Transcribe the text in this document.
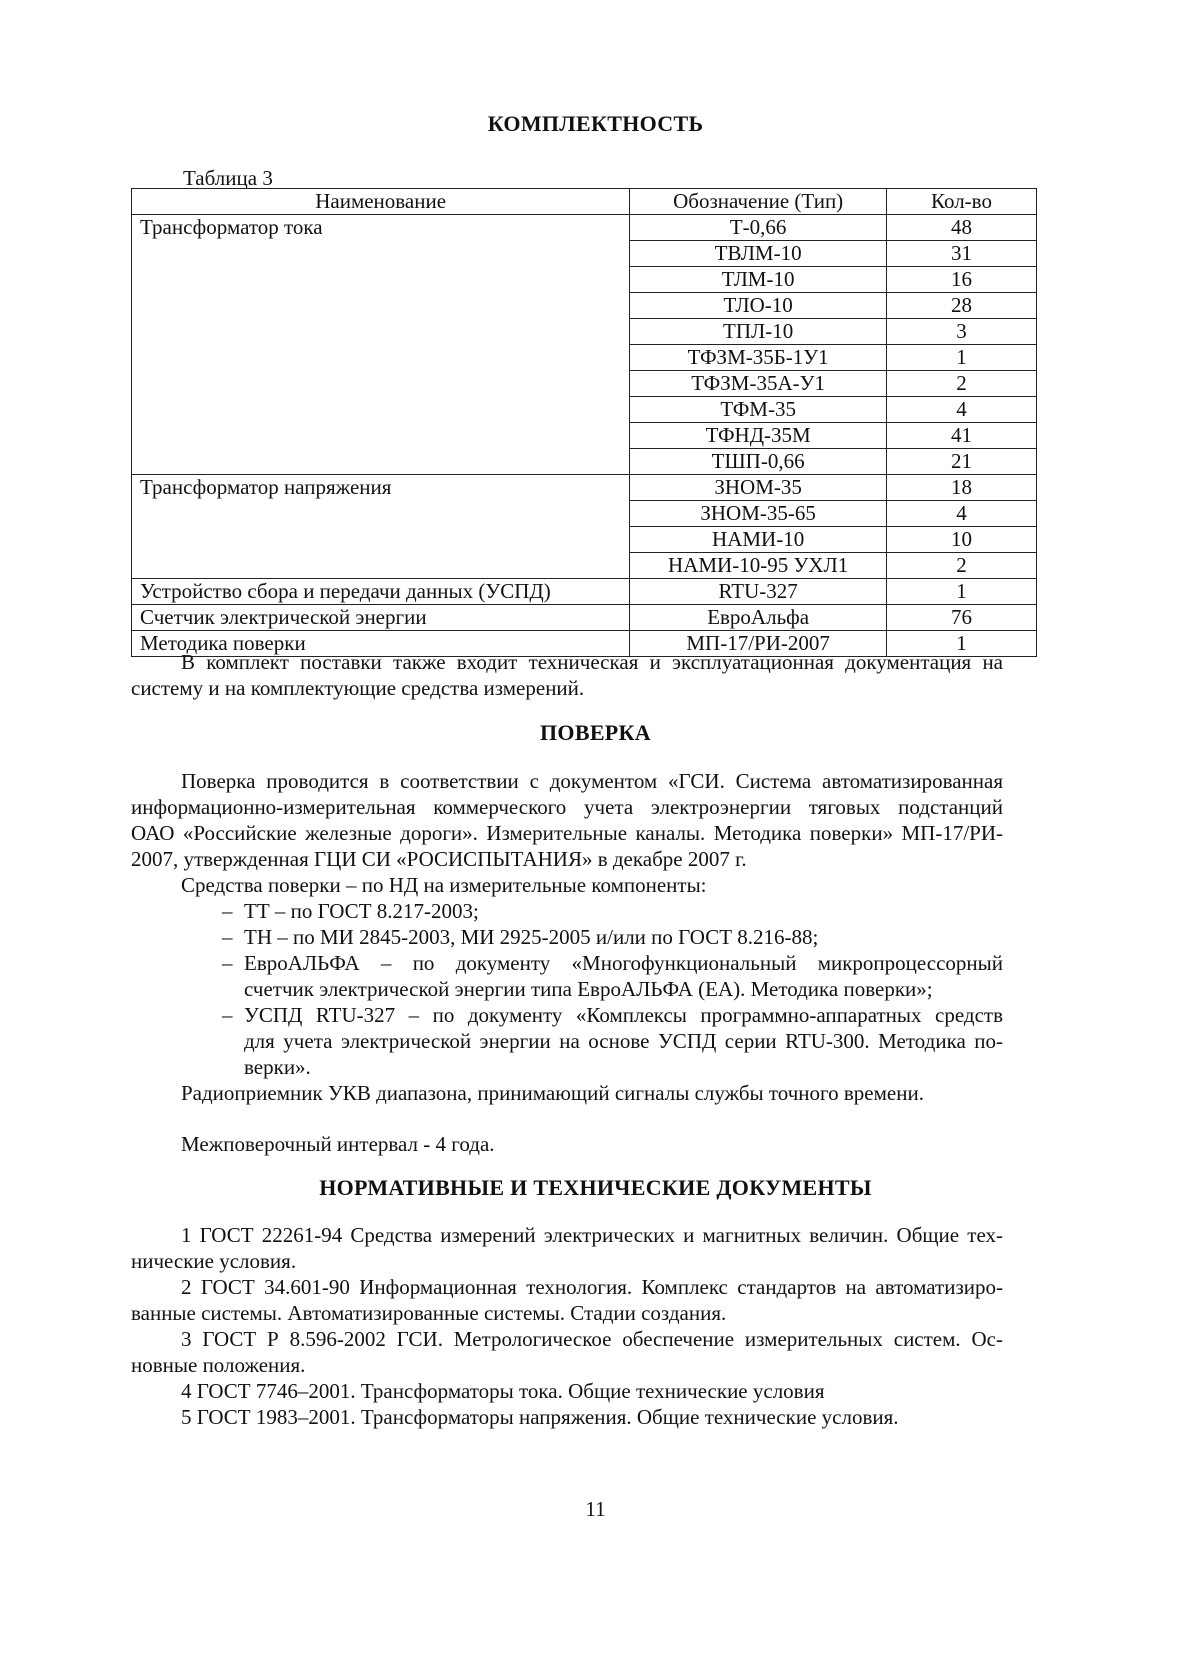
КОМПЛЕКТНОСТЬ
Таблица 3
Наименование	Обозначение (Тип)	Кол-во
Трансформатор тока	Т-0,66	48
	ТВЛМ-10	31
	ТЛМ-10	16
	ТЛО-10	28
	ТПЛ-10	3
	ТФЗМ-35Б-1У1	1
	ТФЗМ-35А-У1	2
	ТФМ-35	4
	ТФНД-35М	41
	ТШП-0,66	21
Трансформатор напряжения	ЗНОМ-35	18
	ЗНОМ-35-65	4
	НАМИ-10	10
	НАМИ-10-95 УХЛ1	2
Устройство сбора и передачи данных (УСПД)	RTU-327	1
Счетчик электрической энергии	ЕвроАльфа	76
Методика поверки	МП-17/РИ-2007	1
В комплект поставки также входит техническая и эксплуатационная документация на
систему и на комплектующие средства измерений.
ПОВЕРКА
Поверка проводится в соответствии с документом «ГСИ. Система автоматизированная
информационно-измерительная коммерческого учета электроэнергии тяговых подстанций
ОАО «Российские железные дороги». Измерительные каналы. Методика поверки» МП-17/РИ-
2007, утвержденная ГЦИ СИ «РОСИСПЫТАНИЯ» в декабре 2007 г.
Средства поверки – по НД на измерительные компоненты:
– ТТ – по ГОСТ 8.217-2003;
– ТН – по МИ 2845-2003, МИ 2925-2005 и/или по ГОСТ 8.216-88;
– ЕвроАЛЬФА – по документу «Многофункциональный микропроцессорный
счетчик электрической энергии типа ЕвроАЛЬФА (ЕА). Методика поверки»;
– УСПД RTU-327 – по документу «Комплексы программно-аппаратных средств
для учета электрической энергии на основе УСПД серии RTU-300. Методика по-
верки».
Радиоприемник УКВ диапазона, принимающий сигналы службы точного времени.
Межповерочный интервал - 4 года.
НОРМАТИВНЫЕ И ТЕХНИЧЕСКИЕ ДОКУМЕНТЫ
1 ГОСТ 22261-94 Средства измерений электрических и магнитных величин. Общие тех-
нические условия.
2 ГОСТ 34.601-90 Информационная технология. Комплекс стандартов на автоматизиро-
ванные системы. Автоматизированные системы. Стадии создания.
3 ГОСТ Р 8.596-2002 ГСИ. Метрологическое обеспечение измерительных систем. Ос-
новные положения.
4 ГОСТ 7746–2001. Трансформаторы тока. Общие технические условия
5 ГОСТ 1983–2001. Трансформаторы напряжения. Общие технические условия.
11
